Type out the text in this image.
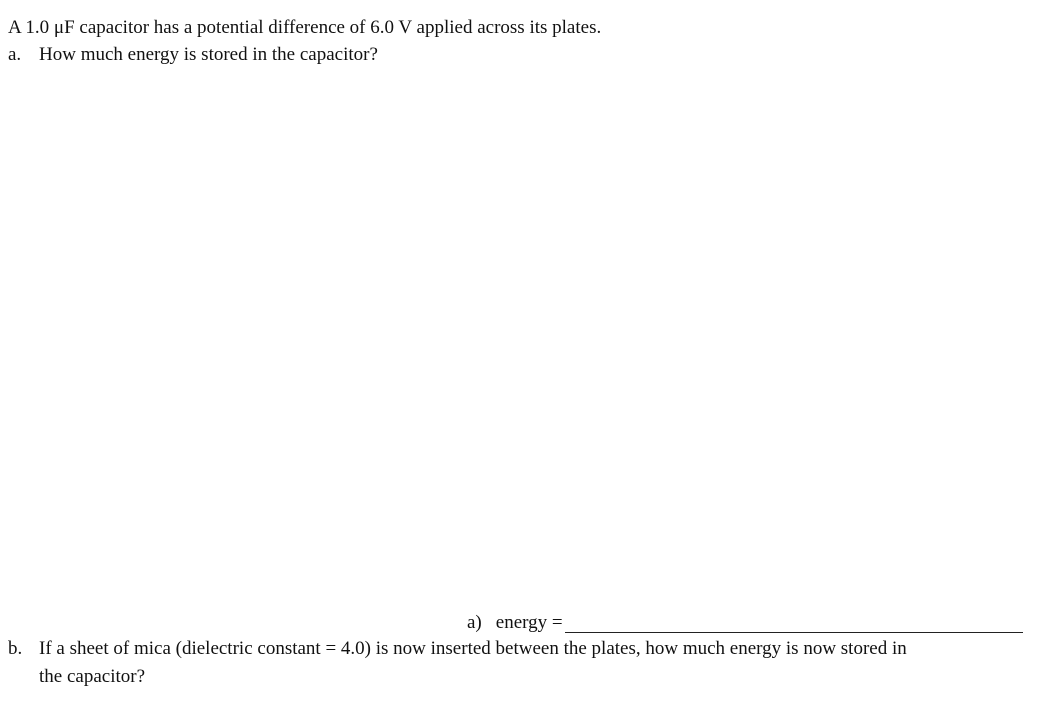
A 1.0 μF capacitor has a potential difference of 6.0 V applied across its plates.
a. How much energy is stored in the capacitor?
a) energy =
b. If a sheet of mica (dielectric constant = 4.0) is now inserted between the plates, how much energy is now stored in
the capacitor?
